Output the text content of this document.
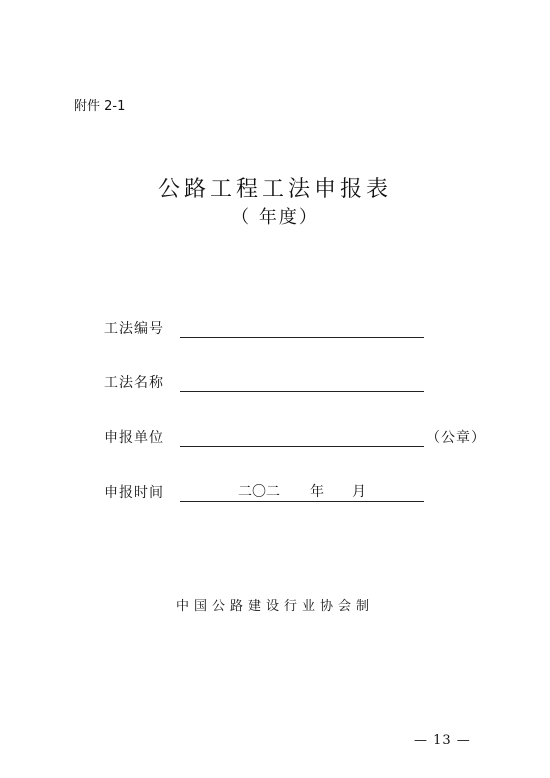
附件 2-1
公路工程工法申报表
（ 年度）
工法编号
工法名称
申报单位	（公章）
申报时间	二〇二 年 月
中国公路建设行业协会制
— 13 —
